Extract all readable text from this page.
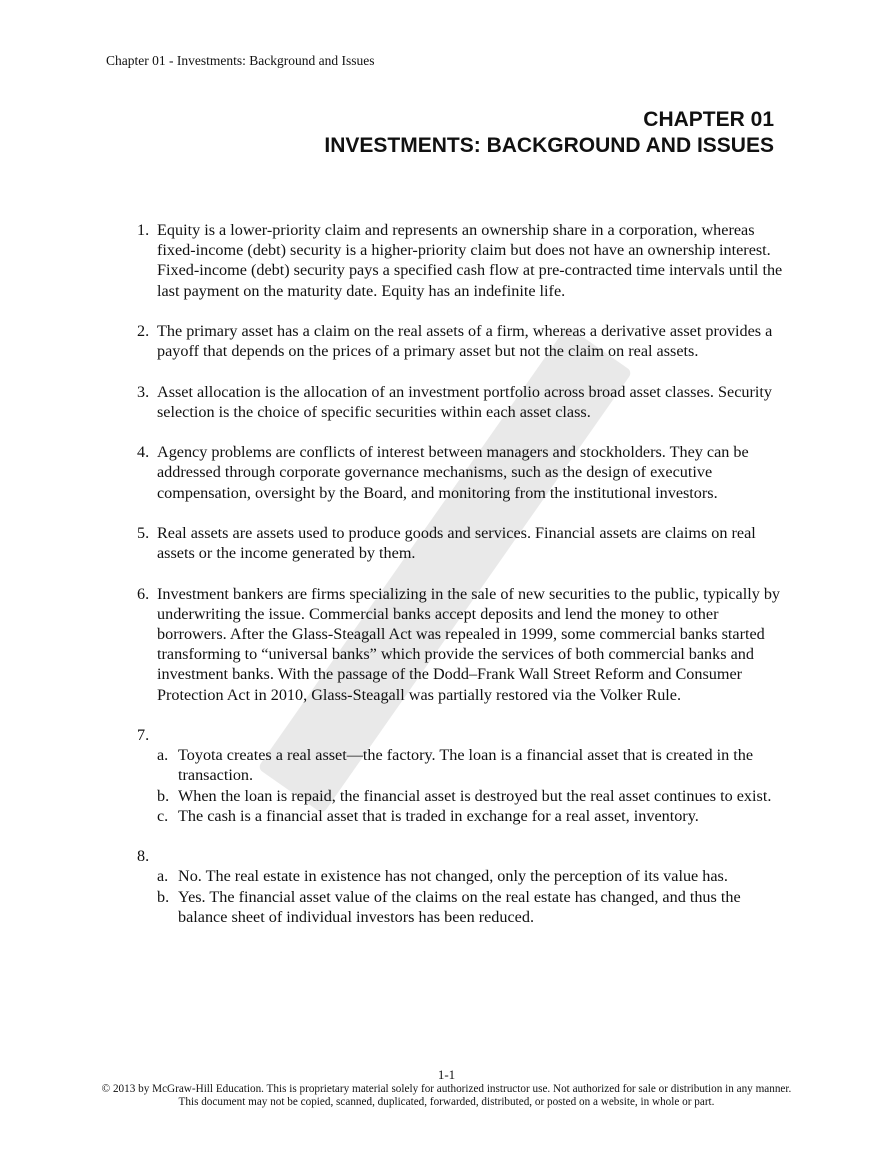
Chapter 01 - Investments: Background and Issues
CHAPTER 01
INVESTMENTS: BACKGROUND AND ISSUES
1. Equity is a lower-priority claim and represents an ownership share in a corporation, whereas fixed-income (debt) security is a higher-priority claim but does not have an ownership interest. Fixed-income (debt) security pays a specified cash flow at pre-contracted time intervals until the last payment on the maturity date. Equity has an indefinite life.
2. The primary asset has a claim on the real assets of a firm, whereas a derivative asset provides a payoff that depends on the prices of a primary asset but not the claim on real assets.
3. Asset allocation is the allocation of an investment portfolio across broad asset classes. Security selection is the choice of specific securities within each asset class.
4. Agency problems are conflicts of interest between managers and stockholders. They can be addressed through corporate governance mechanisms, such as the design of executive compensation, oversight by the Board, and monitoring from the institutional investors.
5. Real assets are assets used to produce goods and services. Financial assets are claims on real assets or the income generated by them.
6. Investment bankers are firms specializing in the sale of new securities to the public, typically by underwriting the issue. Commercial banks accept deposits and lend the money to other borrowers. After the Glass-Steagall Act was repealed in 1999, some commercial banks started transforming to “universal banks” which provide the services of both commercial banks and investment banks. With the passage of the Dodd–Frank Wall Street Reform and Consumer Protection Act in 2010, Glass-Steagall was partially restored via the Volker Rule.
7.
a. Toyota creates a real asset—the factory. The loan is a financial asset that is created in the transaction.
b. When the loan is repaid, the financial asset is destroyed but the real asset continues to exist.
c. The cash is a financial asset that is traded in exchange for a real asset, inventory.
8.
a. No. The real estate in existence has not changed, only the perception of its value has.
b. Yes. The financial asset value of the claims on the real estate has changed, and thus the balance sheet of individual investors has been reduced.
1-1
© 2013 by McGraw-Hill Education. This is proprietary material solely for authorized instructor use. Not authorized for sale or distribution in any manner. This document may not be copied, scanned, duplicated, forwarded, distributed, or posted on a website, in whole or part.
